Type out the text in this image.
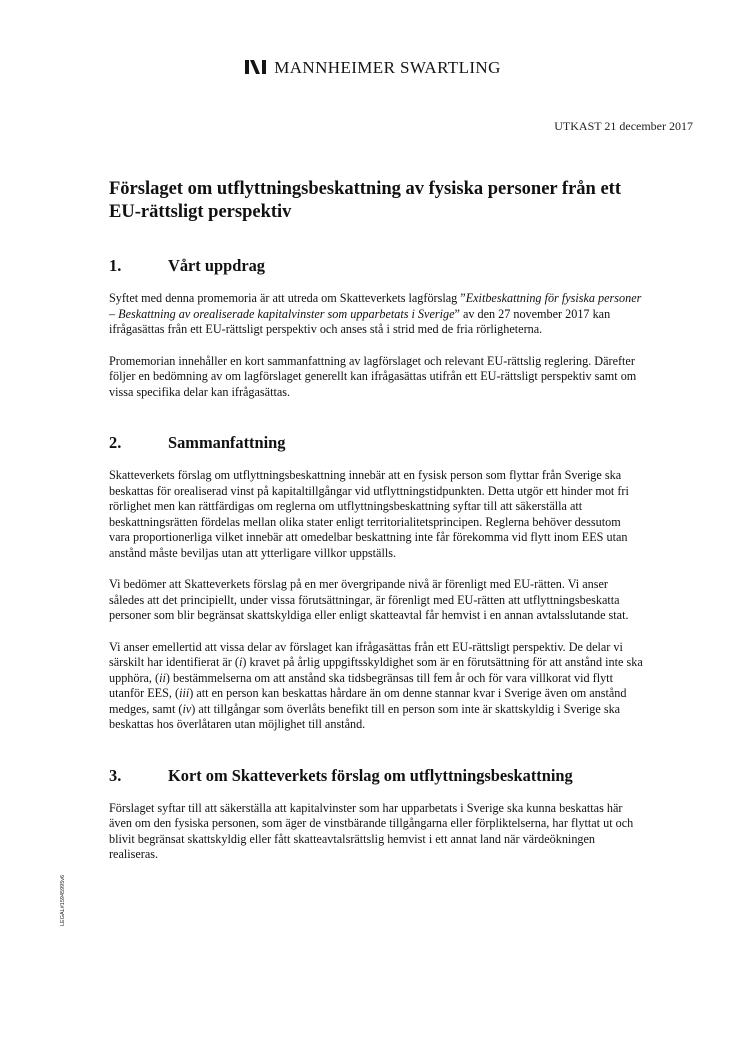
MANNHEIMER SWARTLING
UTKAST 21 december 2017
Förslaget om utflyttningsbeskattning av fysiska personer från ett EU-rättsligt perspektiv
1.	Vårt uppdrag

Syftet med denna promemoria är att utreda om Skatteverkets lagförslag ”Exitbeskattning för fysiska personer – Beskattning av orealiserade kapitalvinster som upparbetats i Sverige” av den 27 november 2017 kan ifrågasättas från ett EU-rättsligt perspektiv och anses stå i strid med de fria rörligheterna.

Promemorian innehåller en kort sammanfattning av lagförslaget och relevant EU-rättslig reglering. Därefter följer en bedömning av om lagförslaget generellt kan ifrågasättas utifrån ett EU-rättsligt perspektiv samt om vissa specifika delar kan ifrågasättas.

2.	Sammanfattning

Skatteverkets förslag om utflyttningsbeskattning innebär att en fysisk person som flyttar från Sverige ska beskattas för orealiserad vinst på kapitaltillgångar vid utflyttningstidpunkten. Detta utgör ett hinder mot fri rörlighet men kan rättfärdigas om reglerna om utflyttningsbeskattning syftar till att säkerställa att beskattningsrätten fördelas mellan olika stater enligt territorialitetsprincipen. Reglerna behöver dessutom vara proportionerliga vilket innebär att omedelbar beskattning inte får förekomma vid flytt inom EES utan anstånd måste beviljas utan att ytterligare villkor uppställs.

Vi bedömer att Skatteverkets förslag på en mer övergripande nivå är förenligt med EU-rätten. Vi anser således att det principiellt, under vissa förutsättningar, är förenligt med EU-rätten att utflyttningsbeskatta personer som blir begränsat skattskyldiga eller enligt skatteavtal får hemvist i en annan avtalsslutande stat.

Vi anser emellertid att vissa delar av förslaget kan ifrågasättas från ett EU-rättsligt perspektiv. De delar vi särskilt har identifierat är (i) kravet på årlig uppgiftsskyldighet som är en förutsättning för att anstånd inte ska upphöra, (ii) bestämmelserna om att anstånd ska tidsbegränsas till fem år och för vara villkorat vid flytt utanför EES, (iii) att en person kan beskattas hårdare än om denne stannar kvar i Sverige även om anstånd medges, samt (iv) att tillgångar som överlåts benefikt till en person som inte är skattskyldig i Sverige ska beskattas hos överlåtaren utan möjlighet till anstånd.

3.	Kort om Skatteverkets förslag om utflyttningsbeskattning

Förslaget syftar till att säkerställa att kapitalvinster som har upparbetats i Sverige ska kunna beskattas här även om den fysiska personen, som äger de vinstbärande tillgångarna eller förpliktelserna, har flyttat ut och blivit begränsat skattskyldig eller fått skatteavtalsrättslig hemvist i ett annat land när värdeökningen realiseras.

LEGAL#15945995v6
